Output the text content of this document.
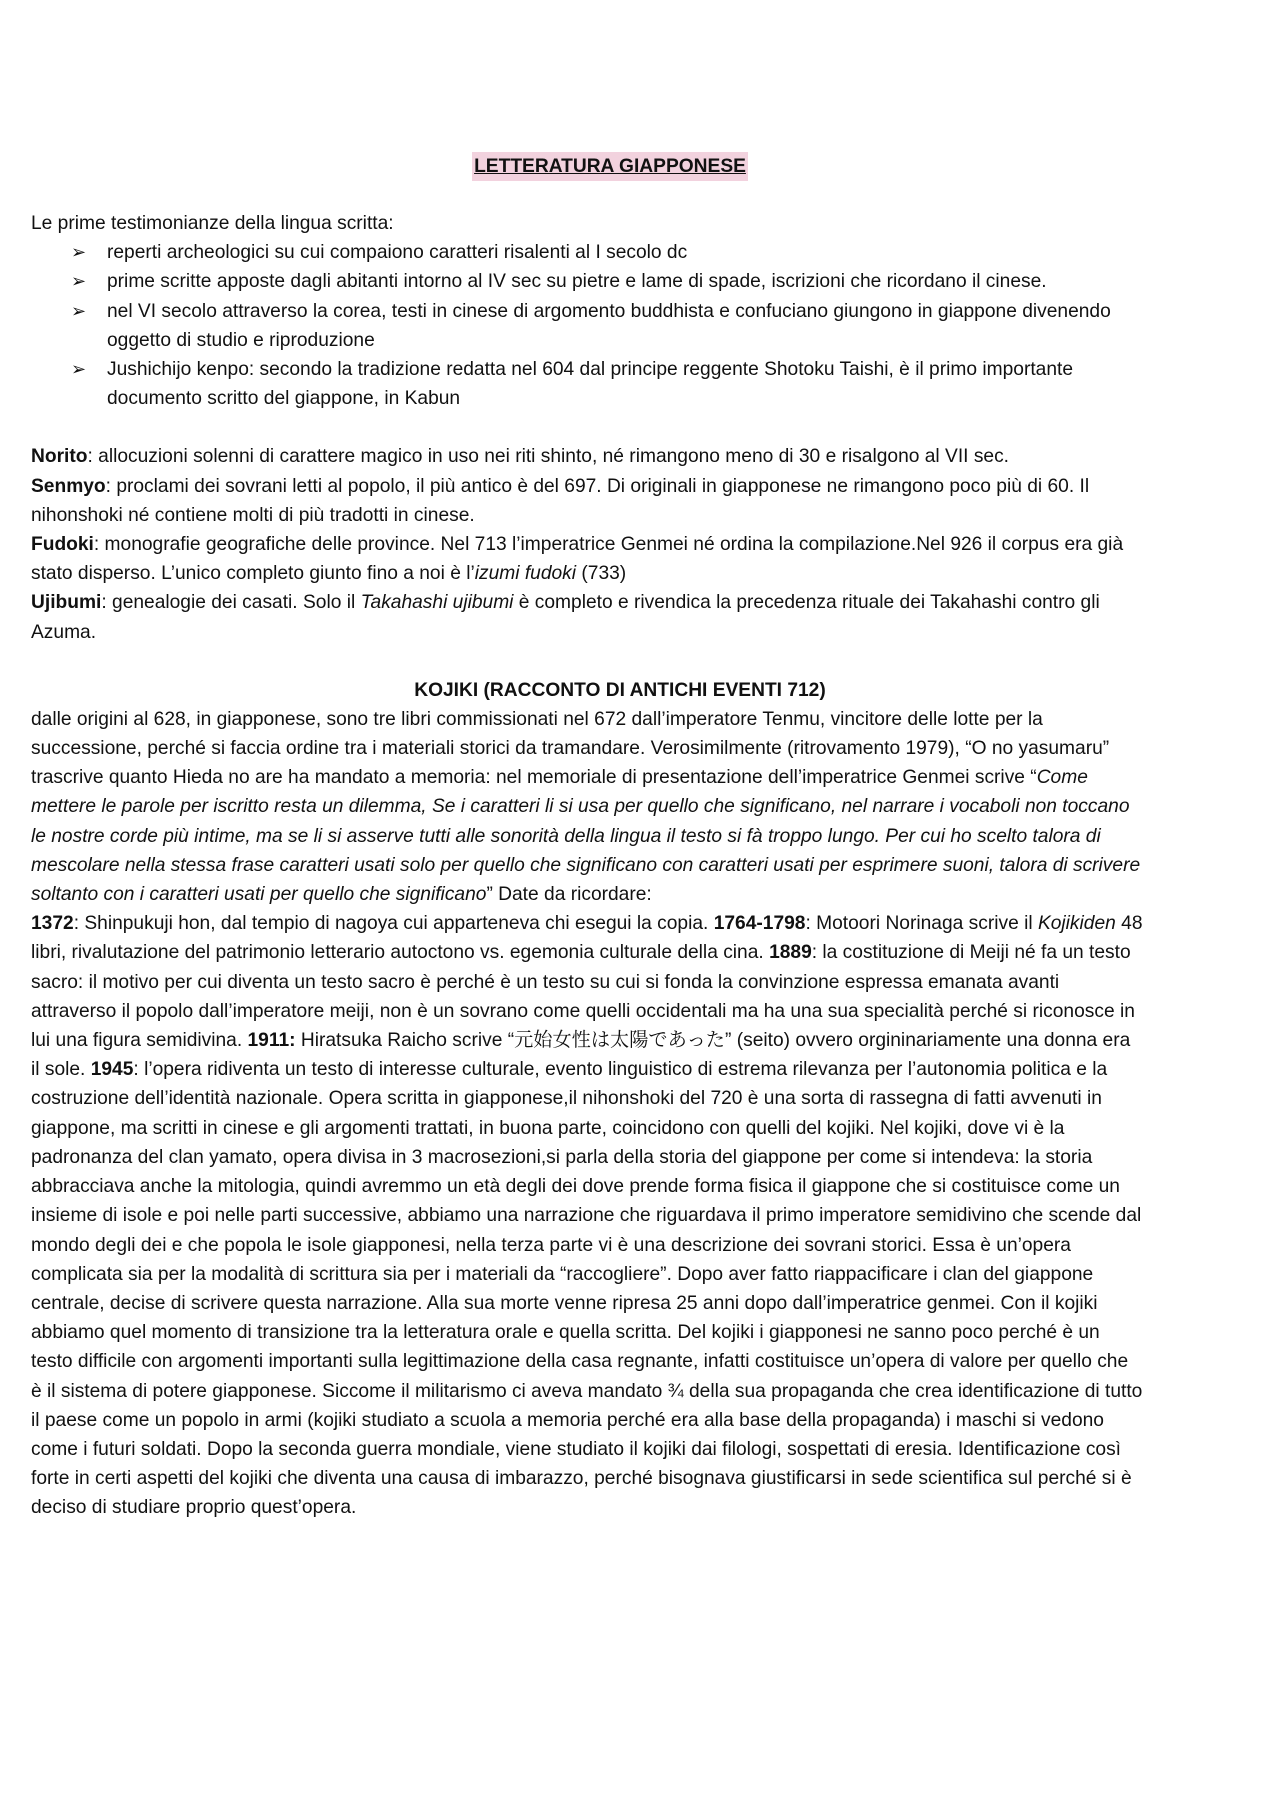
LETTERATURA GIAPPONESE

Le prime testimonianze della lingua scritta:

➢ reperti archeologici su cui compaiono caratteri risalenti al I secolo dc
➢ prime scritte apposte dagli abitanti intorno al IV sec su pietre e lame di spade, iscrizioni che ricordano il cinese.
➢ nel VI secolo attraverso la corea, testi in cinese di argomento buddhista e confuciano giungono in giappone divenendo oggetto di studio e riproduzione
➢ Jushichijo kenpo: secondo la tradizione redatta nel 604 dal principe reggente Shotoku Taishi, è il primo importante documento scritto del giappone, in Kabun

Norito: allocuzioni solenni di carattere magico in uso nei riti shinto, né rimangono meno di 30 e risalgono al VII sec.

Senmyo: proclami dei sovrani letti al popolo, il più antico è del 697. Di originali in giapponese ne rimangono poco più di 60. Il nihonshoki né contiene molti di più tradotti in cinese.

Fudoki: monografie geografiche delle province. Nel 713 l’imperatrice Genmei né ordina la compilazione.Nel 926 il corpus era già stato disperso. L’unico completo giunto fino a noi è l’izumi fudoki (733)

Ujibumi: genealogie dei casati. Solo il Takahashi ujibumi è completo e rivendica la precedenza rituale dei Takahashi contro gli Azuma.

KOJIKI (RACCONTO DI ANTICHI EVENTI 712)

dalle origini al 628, in giapponese, sono tre libri commissionati nel 672 dall’imperatore Tenmu, vincitore delle lotte per la successione, perché si faccia ordine tra i materiali storici da tramandare. Verosimilmente (ritrovamento 1979), “O no yasumaru” trascrive quanto Hieda no are ha mandato a memoria: nel memoriale di presentazione dell’imperatrice Genmei scrive “Come mettere le parole per iscritto resta un dilemma, Se i caratteri li si usa per quello che significano, nel narrare i vocaboli non toccano le nostre corde più intime, ma se li si asserve tutti alle sonorità della lingua il testo si fà troppo lungo. Per cui ho scelto talora di mescolare nella stessa frase caratteri usati solo per quello che significano con caratteri usati per esprimere suoni, talora di scrivere soltanto con i caratteri usati per quello che significano” Date da ricordare:
1372: Shinpukuji hon, dal tempio di nagoya cui apparteneva chi esegui la copia. 1764-1798: Motoori Norinaga scrive il Kojikiden 48 libri, rivalutazione del patrimonio letterario autoctono vs. egemonia culturale della cina. 1889: la costituzione di Meiji né fa un testo sacro: il motivo per cui diventa un testo sacro è perché è un testo su cui si fonda la convinzione espressa emanata avanti attraverso il popolo dall’imperatore meiji, non è un sovrano come quelli occidentali ma ha una sua specialità perché si riconosce in lui una figura semidivina. 1911: Hiratsuka Raicho scrive “元始女性は太陽であった” (seito) ovvero orgininariamente una donna era il sole. 1945: l’opera ridiventa un testo di interesse culturale, evento linguistico di estrema rilevanza per l’autonomia politica e la costruzione dell’identità nazionale. Opera scritta in giapponese,il nihonshoki del 720 è una sorta di rassegna di fatti avvenuti in giappone, ma scritti in cinese e gli argomenti trattati, in buona parte, coincidono con quelli del kojiki. Nel kojiki, dove vi è la padronanza del clan yamato, opera divisa in 3 macrosezioni,si parla della storia del giappone per come si intendeva: la storia abbracciava anche la mitologia, quindi avremmo un età degli dei dove prende forma fisica il giappone che si costituisce come un insieme di isole e poi nelle parti successive, abbiamo una narrazione che riguardava il primo imperatore semidivino che scende dal mondo degli dei e che popola le isole giapponesi, nella terza parte vi è una descrizione dei sovrani storici. Essa è un’opera complicata sia per la modalità di scrittura sia per i materiali da “raccogliere”. Dopo aver fatto riappacificare i clan del giappone centrale, decise di scrivere questa narrazione. Alla sua morte venne ripresa 25 anni dopo dall’imperatrice genmei. Con il kojiki abbiamo quel momento di transizione tra la letteratura orale e quella scritta. Del kojiki i giapponesi ne sanno poco perché è un testo difficile con argomenti importanti sulla legittimazione della casa regnante, infatti costituisce un’opera di valore per quello che è il sistema di potere giapponese. Siccome il militarismo ci aveva mandato ¾ della sua propaganda che crea identificazione di tutto il paese come un popolo in armi (kojiki studiato a scuola a memoria perché era alla base della propaganda) i maschi si vedono come i futuri soldati. Dopo la seconda guerra mondiale, viene studiato il kojiki dai filologi, sospettati di eresia. Identificazione così forte in certi aspetti del kojiki che diventa una causa di imbarazzo, perché bisognava giustificarsi in sede scientifica sul perché si è deciso di studiare proprio quest’opera.
